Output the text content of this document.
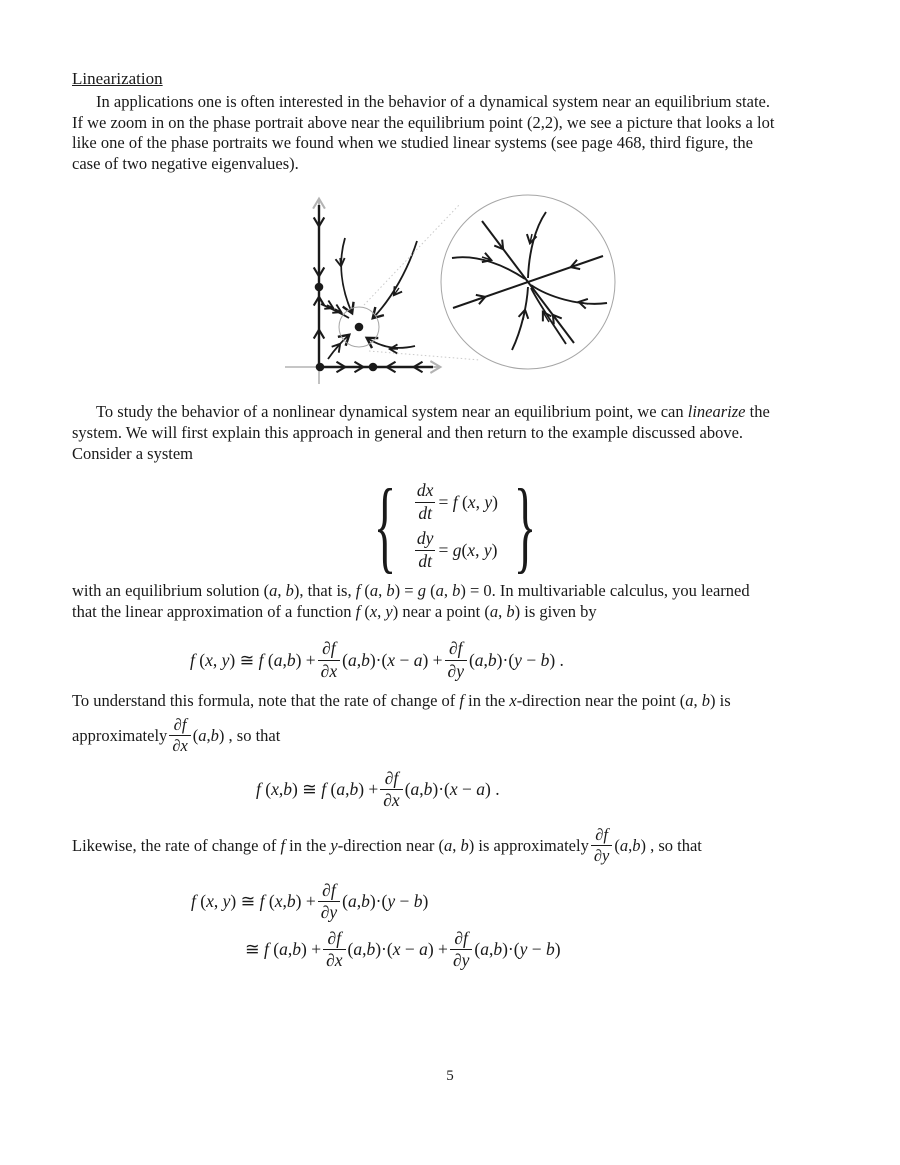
Linearization
In applications one is often interested in the behavior of a dynamical system near an equilibrium state.
If we zoom in on the phase portrait above near the equilibrium point (2,2), we see a picture that looks a lot
like one of the phase portraits we found when we studied linear systems (see page 468, third figure, the
case of two negative eigenvalues).
To study the behavior of a nonlinear dynamical system near an equilibrium point, we can linearize the
system. We will first explain this approach in general and then return to the example discussed above.
Consider a system
{ $\frac{dx}{dt} = f$ (x, y)
$\frac{dy}{dt} = g(x$, y) }
with an equilibrium solution (a, b), that is, f (a, b) = g (a, b) = 0. In multivariable calculus, you learned
that the linear approximation of a function f (x, y) near a point (a, b) is given by
f (x, y) ≅ f $(a,b) + \frac{\partial f}{\partial x} (a,b)\cdot(x - a) + \frac{\partial f}{\partial y} (a,b)\cdot(y - b)$ .
To understand this formula, note that the rate of change of f in the x-direction near the point (a, b) is
approximately $\frac{\partial f}{\partial x} (a,b)$ , so that
f (x,b) ≅ f $(a,b) + \frac{\partial f}{\partial x} (a,b)\cdot(x - a)$ .
Likewise, the rate of change of f in the y-direction near (a, b) is approximately $\frac{\partial f}{\partial y} (a,b)$ , so that
f (x, y) ≅ f $(x,b) + \frac{\partial f}{\partial y} (a,b)\cdot(y - b)$
≅ f $(a,b) + \frac{\partial f}{\partial x} (a,b)\cdot(x - a) + \frac{\partial f}{\partial y} (a,b)\cdot(y - b)$
5
